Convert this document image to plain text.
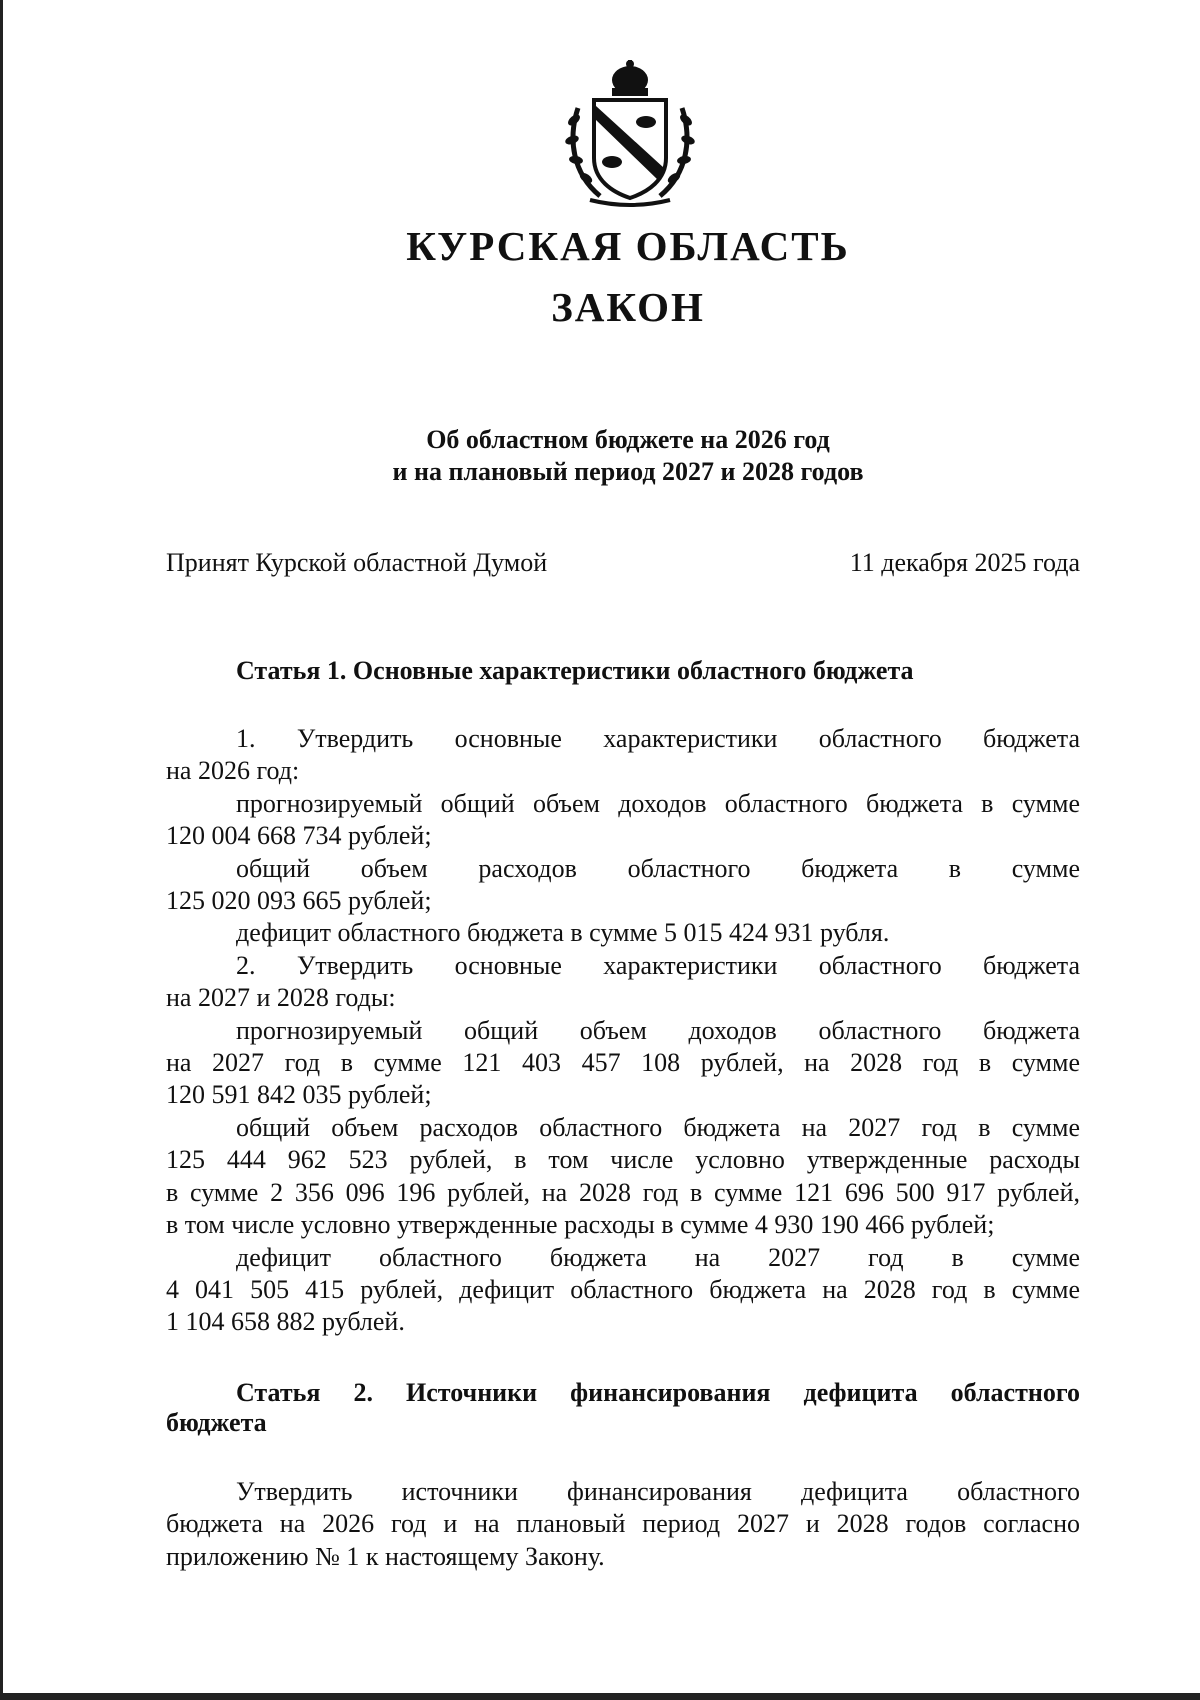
КУРСКАЯ ОБЛАСТЬ
ЗАКОН
Об областном бюджете на 2026 год
и на плановый период 2027 и 2028 годов
Принят Курской областной Думой	11 декабря 2025 года
Статья 1. Основные характеристики областного бюджета
1. Утвердить основные характеристики областного бюджета
на 2026 год:
прогнозируемый общий объем доходов областного бюджета в сумме
120 004 668 734 рублей;
общий объем расходов областного бюджета в сумме
125 020 093 665 рублей;
дефицит областного бюджета в сумме 5 015 424 931 рубля.
2. Утвердить основные характеристики областного бюджета
на 2027 и 2028 годы:
прогнозируемый общий объем доходов областного бюджета
на 2027 год в сумме 121 403 457 108 рублей, на 2028 год в сумме
120 591 842 035 рублей;
общий объем расходов областного бюджета на 2027 год в сумме
125 444 962 523 рублей, в том числе условно утвержденные расходы
в сумме 2 356 096 196 рублей, на 2028 год в сумме 121 696 500 917 рублей,
в том числе условно утвержденные расходы в сумме 4 930 190 466 рублей;
дефицит областного бюджета на 2027 год в сумме
4 041 505 415 рублей, дефицит областного бюджета на 2028 год в сумме
1 104 658 882 рублей.
Статья 2. Источники финансирования дефицита областного
бюджета
Утвердить источники финансирования дефицита областного
бюджета на 2026 год и на плановый период 2027 и 2028 годов согласно
приложению № 1 к настоящему Закону.
